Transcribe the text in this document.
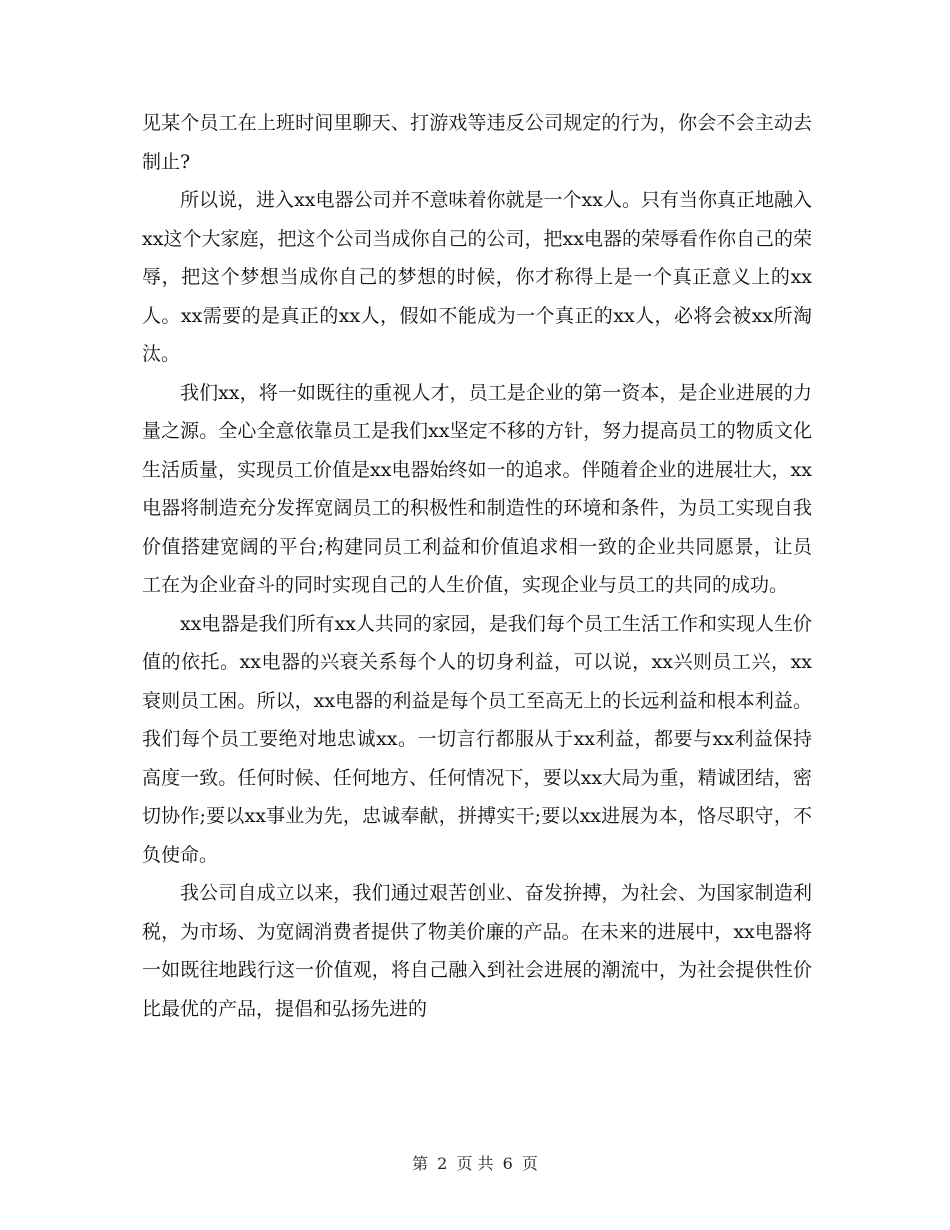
见某个员工在上班时间里聊天、打游戏等违反公司规定的行为，你会不会主动去制止?

所以说，进入xx电器公司并不意味着你就是一个xx人。只有当你真正地融入xx这个大家庭，把这个公司当成你自己的公司，把xx电器的荣辱看作你自己的荣辱，把这个梦想当成你自己的梦想的时候，你才称得上是一个真正意义上的xx人。xx需要的是真正的xx人，假如不能成为一个真正的xx人，必将会被xx所淘汰。

我们xx，将一如既往的重视人才，员工是企业的第一资本，是企业进展的力量之源。全心全意依靠员工是我们xx坚定不移的方针，努力提高员工的物质文化生活质量，实现员工价值是xx电器始终如一的追求。伴随着企业的进展壮大，xx电器将制造充分发挥宽阔员工的积极性和制造性的环境和条件，为员工实现自我价值搭建宽阔的平台;构建同员工利益和价值追求相一致的企业共同愿景，让员工在为企业奋斗的同时实现自己的人生价值，实现企业与员工的共同的成功。

xx电器是我们所有xx人共同的家园，是我们每个员工生活工作和实现人生价值的依托。xx电器的兴衰关系每个人的切身利益，可以说，xx兴则员工兴，xx衰则员工困。所以，xx电器的利益是每个员工至高无上的长远利益和根本利益。我们每个员工要绝对地忠诚xx。一切言行都服从于xx利益，都要与xx利益保持高度一致。任何时候、任何地方、任何情况下，要以xx大局为重，精诚团结，密切协作;要以xx事业为先，忠诚奉献，拼搏实干;要以xx进展为本，恪尽职守，不负使命。

我公司自成立以来，我们通过艰苦创业、奋发拚搏，为社会、为国家制造利税，为市场、为宽阔消费者提供了物美价廉的产品。在未来的进展中，xx电器将一如既往地践行这一价值观，将自己融入到社会进展的潮流中，为社会提供性价比最优的产品，提倡和弘扬先进的

第 2 页 共 6 页
